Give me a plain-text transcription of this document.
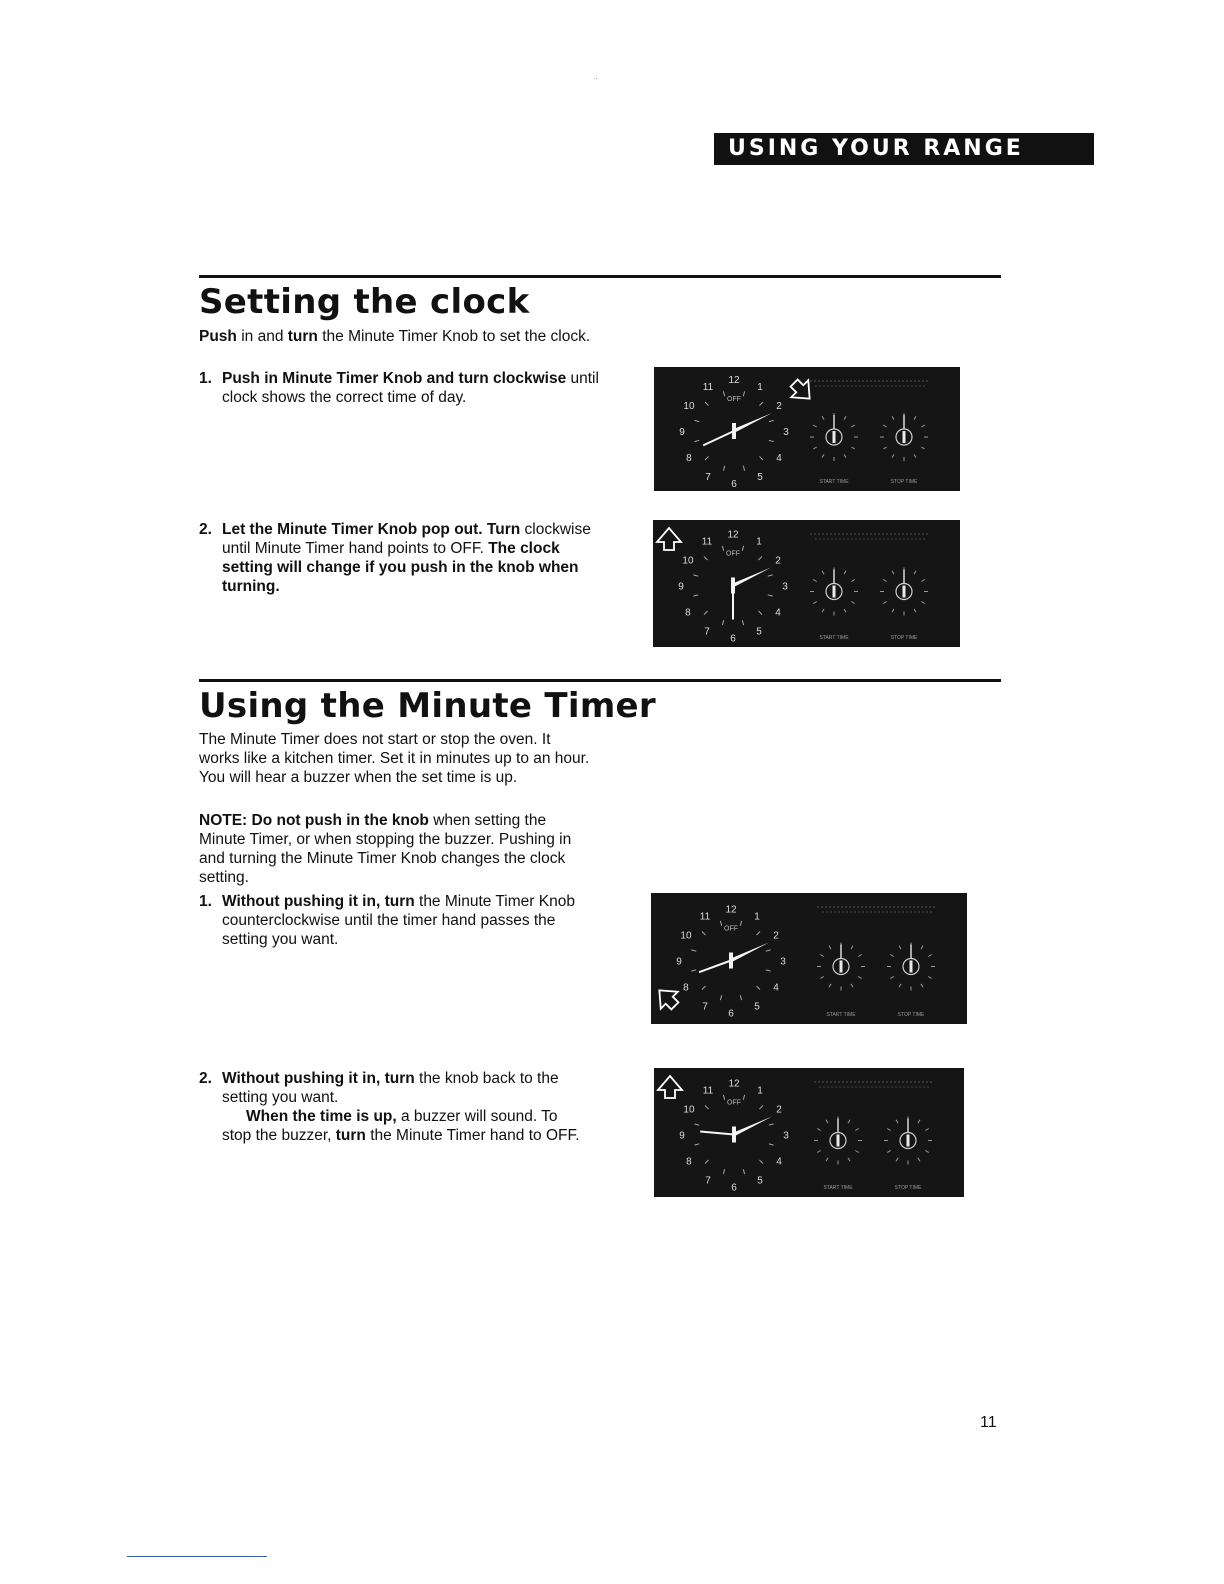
USING YOUR RANGE
Setting the clock
Push in and turn the Minute Timer Knob to set the clock.
1. Push in Minute Timer Knob and turn clockwise until clock shows the correct time of day.
2. Let the Minute Timer Knob pop out. Turn clockwise until Minute Timer hand points to OFF. The clock setting will change if you push in the knob when turning.
Using the Minute Timer
The Minute Timer does not start or stop the oven. It works like a kitchen timer. Set it in minutes up to an hour. You will hear a buzzer when the set time is up.
NOTE: Do not push in the knob when setting the Minute Timer, or when stopping the buzzer. Pushing in and turning the Minute Timer Knob changes the clock setting.
1. Without pushing it in, turn the Minute Timer Knob counterclockwise until the timer hand passes the setting you want.
2. Without pushing it in, turn the knob back to the setting you want.
When the time is up, a buzzer will sound. To stop the buzzer, turn the Minute Timer hand to OFF.
12
1
2
3
4
5
6
7
8
9
10
11
OFF
START TIME	STOP TIME
12
1
2
3
4
5
6
7
8
9
10
11
OFF
START TIME	STOP TIME
12
1
2
3
4
5
6
7
8
9
10
11
OFF
START TIME	STOP TIME
12
1
2
3
4
5
6
7
8
9
10
11
OFF
START TIME	STOP TIME
11
